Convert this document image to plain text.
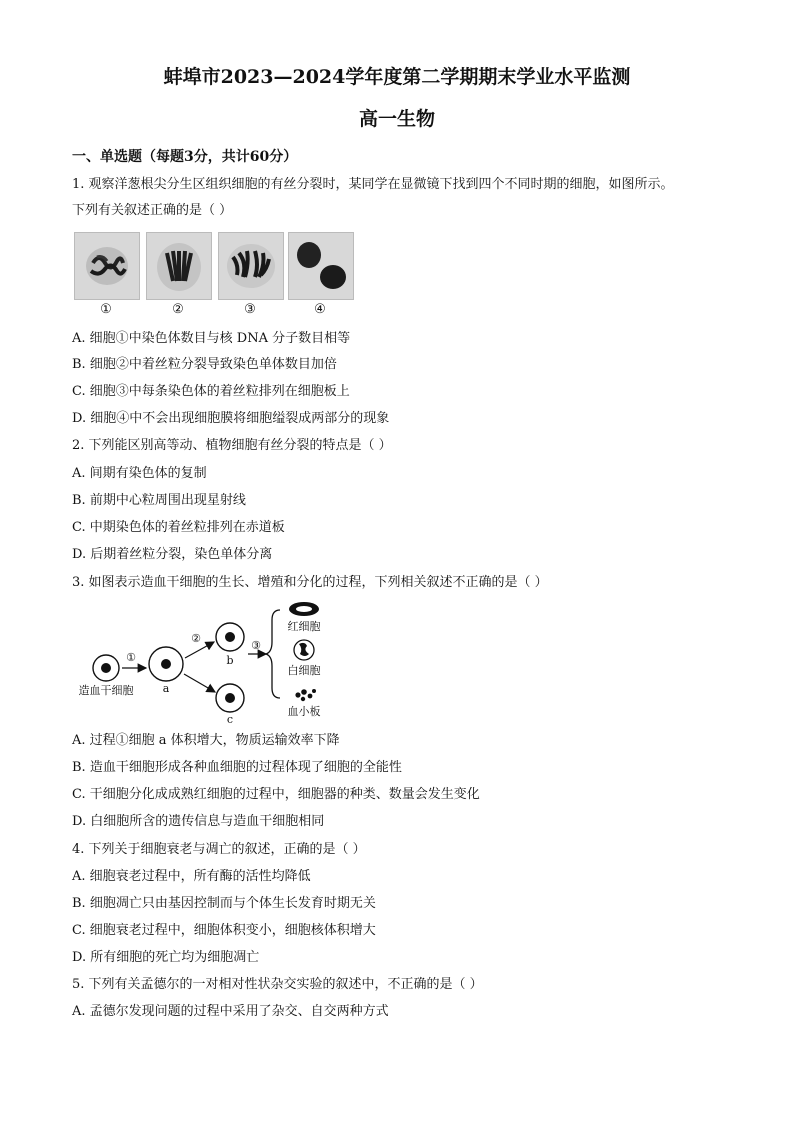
蚌埠市2023—2024学年度第二学期期末学业水平监测
高一生物
一、单选题（每题3分，共计60分）
1. 观察洋葱根尖分生区组织细胞的有丝分裂时，某同学在显微镜下找到四个不同时期的细胞，如图所示。
下列有关叙述正确的是（ ）
①	②	③	④
A. 细胞①中染色体数目与核 DNA 分子数目相等
B. 细胞②中着丝粒分裂导致染色单体数目加倍
C. 细胞③中每条染色体的着丝粒排列在细胞板上
D. 细胞④中不会出现细胞膜将细胞缢裂成两部分的现象
2. 下列能区别高等动、植物细胞有丝分裂的特点是（ ）
A. 间期有染色体的复制
B. 前期中心粒周围出现星射线
C. 中期染色体的着丝粒排列在赤道板
D. 后期着丝粒分裂，染色单体分离
3. 如图表示造血干细胞的生长、增殖和分化的过程，下列相关叙述不正确的是（ ）
造血干细胞
①
a
②
b
c
③
红细胞
白细胞
血小板
A. 过程①细胞 a 体积增大，物质运输效率下降
B. 造血干细胞形成各种血细胞的过程体现了细胞的全能性
C. 干细胞分化成成熟红细胞的过程中，细胞器的种类、数量会发生变化
D. 白细胞所含的遗传信息与造血干细胞相同
4. 下列关于细胞衰老与凋亡的叙述，正确的是（ ）
A. 细胞衰老过程中，所有酶的活性均降低
B. 细胞凋亡只由基因控制而与个体生长发育时期无关
C. 细胞衰老过程中，细胞体积变小，细胞核体积增大
D. 所有细胞的死亡均为细胞凋亡
5. 下列有关孟德尔的一对相对性状杂交实验的叙述中，不正确的是（ ）
A. 孟德尔发现问题的过程中采用了杂交、自交两种方式
